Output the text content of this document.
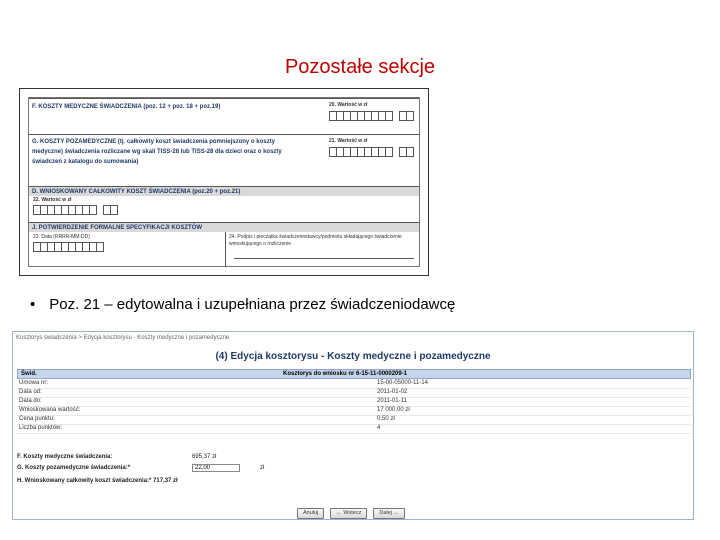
Pozostałe sekcje
F. KOSZTY MEDYCZNE ŚWIADCZENIA (poz. 12 + poz. 18 + poz.19)	20. Wartość w zł
G. KOSZTY POZAMEDYCZNE (tj. całkowity koszt świadczenia pomniejszony o koszty
medyczne) świadczenia rozliczane wg skali TISS-28 lub TISS-28 dla dzieci oraz o koszty
świadczeń z katalogu do sumowania)
21. Wartość w zł
D. WNIOSKOWANY CAŁKOWITY KOSZT ŚWIADCZENIA (poz.20 + poz.21)
22. Wartość w zł
J. POTWIERDZENIE FORMALNE SPECYFIKACJI KOSZTÓW
23. Data (RRRR-MM-DD)	24. Podpis i pieczątka świadczeniodawcy/podmiotu składającego świadczenie
wnioskującego o rozliczenie
• Poz. 21 – edytowalna i uzupełniana przez świadczeniodawcę
Kosztorys świadczenia > Edycja kosztorysu - Koszty medyczne i pozamedyczne
(4) Edycja kosztorysu - Koszty medyczne i pozamedyczne
Świd.	Kosztorys do wniosku nr 6-15-11-0000209-1
Umowa nr:	15-00-05000-11-14
Data od:	2011-01-02
Data do:	2011-01-11
Wnioskowana wartość:	17 000,00 zł
Cena punktu:	0,50 zł
Liczba punktów:	4
F. Koszty medyczne świadczenia:	695,37 zł
G. Koszty pozamedyczne świadczenia:*
22,00	zł
H. Wnioskowany całkowity koszt świadczenia:* 717,37 zł
Anuluj	← Wstecz	Dalej →
